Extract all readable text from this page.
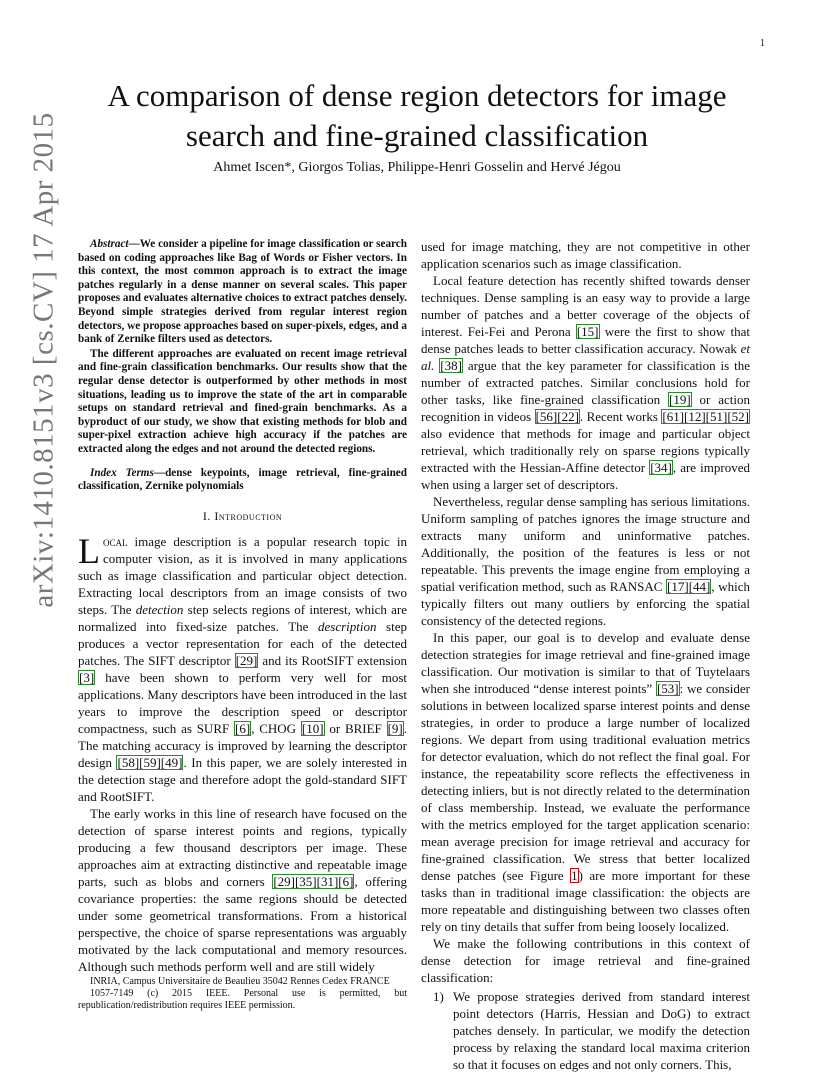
1
arXiv:1410.8151v3 [cs.CV] 17 Apr 2015
A comparison of dense region detectors for image
search and fine-grained classification
Ahmet Iscen*, Giorgos Tolias, Philippe-Henri Gosselin and Hervé Jégou

Abstract—We consider a pipeline for image classification or search based on coding approaches like Bag of Words or Fisher vectors. In this context, the most common approach is to extract the image patches regularly in a dense manner on several scales. This paper proposes and evaluates alternative choices to extract patches densely. Beyond simple strategies derived from regular interest region detectors, we propose approaches based on super-pixels, edges, and a bank of Zernike filters used as detectors.

The different approaches are evaluated on recent image retrieval and fine-grain classification benchmarks. Our results show that the regular dense detector is outperformed by other methods in most situations, leading us to improve the state of the art in comparable setups on standard retrieval and fined-grain benchmarks. As a byproduct of our study, we show that existing methods for blob and super-pixel extraction achieve high accuracy if the patches are extracted along the edges and not around the detected regions.

Index Terms—dense keypoints, image retrieval, fine-grained classification, Zernike polynomials

I. Introduction

Local image description is a popular research topic in computer vision, as it is involved in many applications such as image classification and particular object detection. Extracting local descriptors from an image consists of two steps. The detection step selects regions of interest, which are normalized into fixed-size patches. The description step produces a vector representation for each of the detected patches. The SIFT descriptor [29] and its RootSIFT extension [3] have been shown to perform very well for most applications. Many descriptors have been introduced in the last years to improve the description speed or descriptor compactness, such as SURF [6], CHOG [10] or BRIEF [9]. The matching accuracy is improved by learning the descriptor design [58][59][49]. In this paper, we are solely interested in the detection stage and therefore adopt the gold-standard SIFT and RootSIFT.

The early works in this line of research have focused on the detection of sparse interest points and regions, typically producing a few thousand descriptors per image. These approaches aim at extracting distinctive and repeatable image parts, such as blobs and corners [29][35][31][6], offering covariance properties: the same regions should be detected under some geometrical transformations. From a historical perspective, the choice of sparse representations was arguably motivated by the lack computational and memory resources. Although such methods perform well and are still widely

INRIA, Campus Universitaire de Beaulieu 35042 Rennes Cedex FRANCE

1057-7149 (c) 2015 IEEE. Personal use is permitted, but republication/redistribution requires IEEE permission.

used for image matching, they are not competitive in other application scenarios such as image classification.

Local feature detection has recently shifted towards denser techniques. Dense sampling is an easy way to provide a large number of patches and a better coverage of the objects of interest. Fei-Fei and Perona [15] were the first to show that dense patches leads to better classification accuracy. Nowak et al. [38] argue that the key parameter for classification is the number of extracted patches. Similar conclusions hold for other tasks, like fine-grained classification [19] or action recognition in videos [56][22]. Recent works [61][12][51][52] also evidence that methods for image and particular object retrieval, which traditionally rely on sparse regions typically extracted with the Hessian-Affine detector [34], are improved when using a larger set of descriptors.

Nevertheless, regular dense sampling has serious limitations. Uniform sampling of patches ignores the image structure and extracts many uniform and uninformative patches. Additionally, the position of the features is less or not repeatable. This prevents the image engine from employing a spatial verification method, such as RANSAC [17][44], which typically filters out many outliers by enforcing the spatial consistency of the detected regions.

In this paper, our goal is to develop and evaluate dense detection strategies for image retrieval and fine-grained image classification. Our motivation is similar to that of Tuytelaars when she introduced “dense interest points” [53]: we consider solutions in between localized sparse interest points and dense strategies, in order to produce a large number of localized regions. We depart from using traditional evaluation metrics for detector evaluation, which do not reflect the final goal. For instance, the repeatability score reflects the effectiveness in detecting inliers, but is not directly related to the determination of class membership. Instead, we evaluate the performance with the metrics employed for the target application scenario: mean average precision for image retrieval and accuracy for fine-grained classification. We stress that better localized dense patches (see Figure 1) are more important for these tasks than in traditional image classification: the objects are more repeatable and distinguishing between two classes often rely on tiny details that suffer from being loosely localized.

We make the following contributions in this context of dense detection for image retrieval and fine-grained classification:

1) We propose strategies derived from standard interest point detectors (Harris, Hessian and DoG) to extract patches densely. In particular, we modify the detection process by relaxing the standard local maxima criterion so that it focuses on edges and not only corners. This,
